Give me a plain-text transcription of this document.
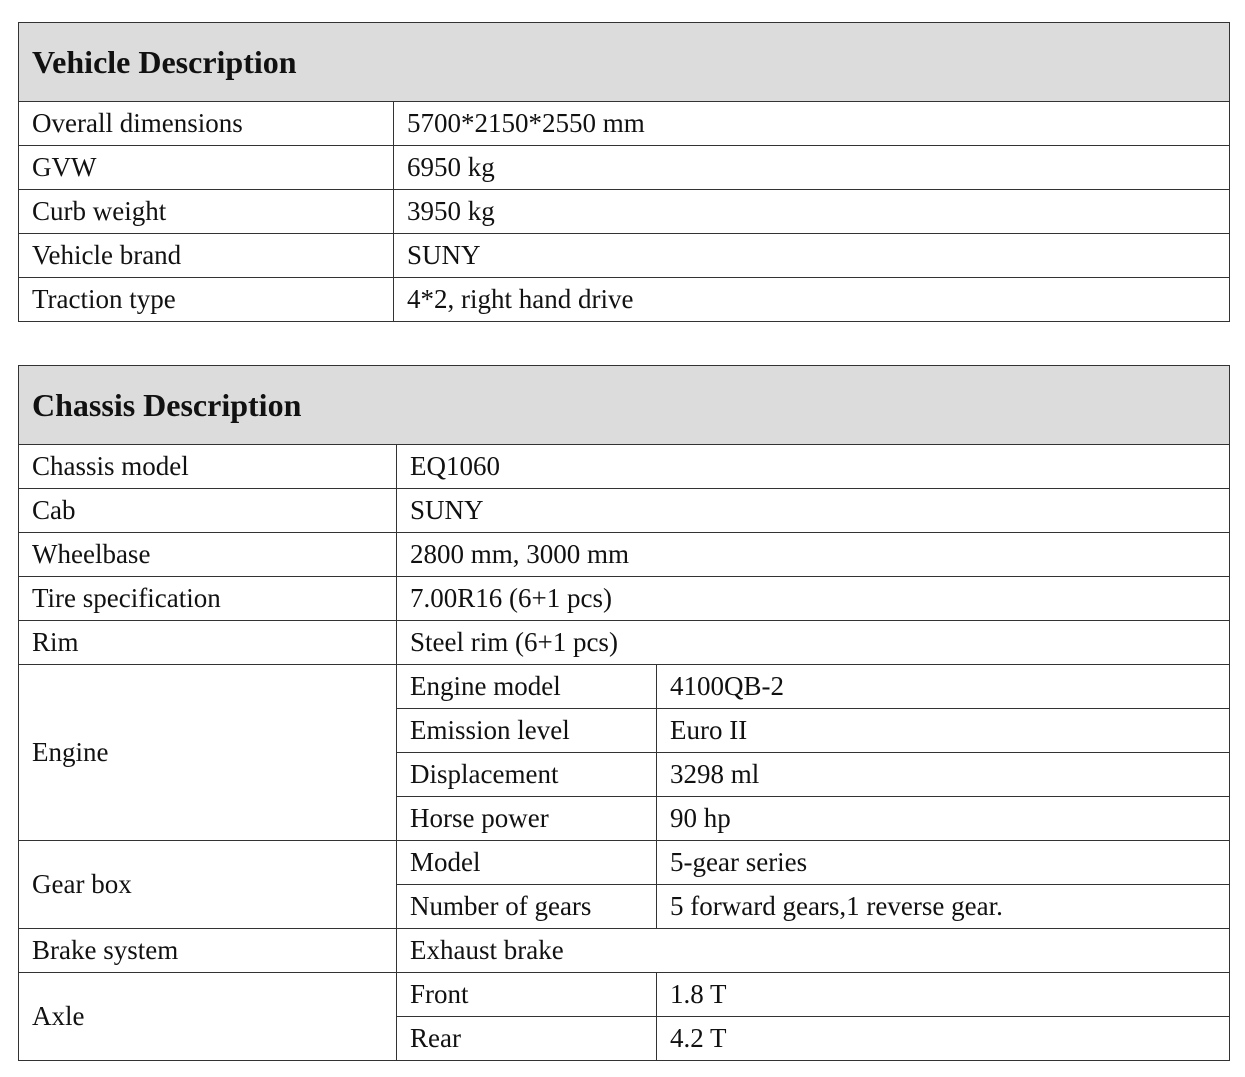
Vehicle Description	
Overall dimensions	5700*2150*2550 mm
GVW	6950 kg
Curb weight	3950 kg
Vehicle brand	SUNY
Traction type	4*2, right hand drive
Chassis Description		
Chassis model	EQ1060	
Cab	SUNY	
Wheelbase	2800 mm, 3000 mm	
Tire specification	7.00R16 (6+1 pcs)	
Rim	Steel rim (6+1 pcs)	
Engine	Engine model	4100QB-2
	Emission level	Euro II
	Displacement	3298 ml
	Horse power	90 hp
Gear box	Model	5-gear series
	Number of gears	5 forward gears,1 reverse gear.
Brake system	Exhaust brake	
Axle	Front	1.8 T
	Rear	4.2 T
